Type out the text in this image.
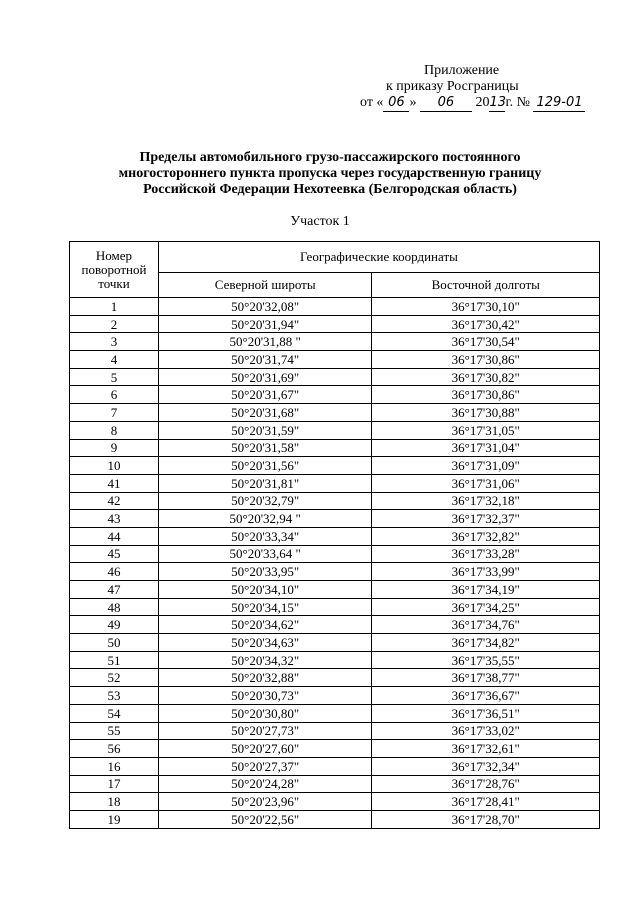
Приложение
к приказу Росграницы
от « 06 » 06 2013г. № 129-01
Пределы автомобильного грузо-пассажирского постоянного
многостороннего пункта пропуска через государственную границу
Российской Федерации Нехотеевка (Белгородская область)
Участок 1
Номер поворотной точки	Географические координаты	
	Северной широты	Восточной долготы
1	50°20'32,08"	36°17'30,10"
2	50°20'31,94"	36°17'30,42"
3	50°20'31,88 "	36°17'30,54"
4	50°20'31,74"	36°17'30,86"
5	50°20'31,69"	36°17'30,82"
6	50°20'31,67"	36°17'30,86"
7	50°20'31,68"	36°17'30,88"
8	50°20'31,59"	36°17'31,05"
9	50°20'31,58"	36°17'31,04"
10	50°20'31,56"	36°17'31,09"
41	50°20'31,81"	36°17'31,06"
42	50°20'32,79"	36°17'32,18"
43	50°20'32,94 "	36°17'32,37"
44	50°20'33,34"	36°17'32,82"
45	50°20'33,64 "	36°17'33,28"
46	50°20'33,95"	36°17'33,99"
47	50°20'34,10"	36°17'34,19"
48	50°20'34,15"	36°17'34,25"
49	50°20'34,62"	36°17'34,76"
50	50°20'34,63"	36°17'34,82"
51	50°20'34,32"	36°17'35,55"
52	50°20'32,88"	36°17'38,77"
53	50°20'30,73"	36°17'36,67"
54	50°20'30,80"	36°17'36,51"
55	50°20'27,73"	36°17'33,02"
56	50°20'27,60"	36°17'32,61"
16	50°20'27,37"	36°17'32,34"
17	50°20'24,28"	36°17'28,76"
18	50°20'23,96"	36°17'28,41"
19	50°20'22,56"	36°17'28,70"
